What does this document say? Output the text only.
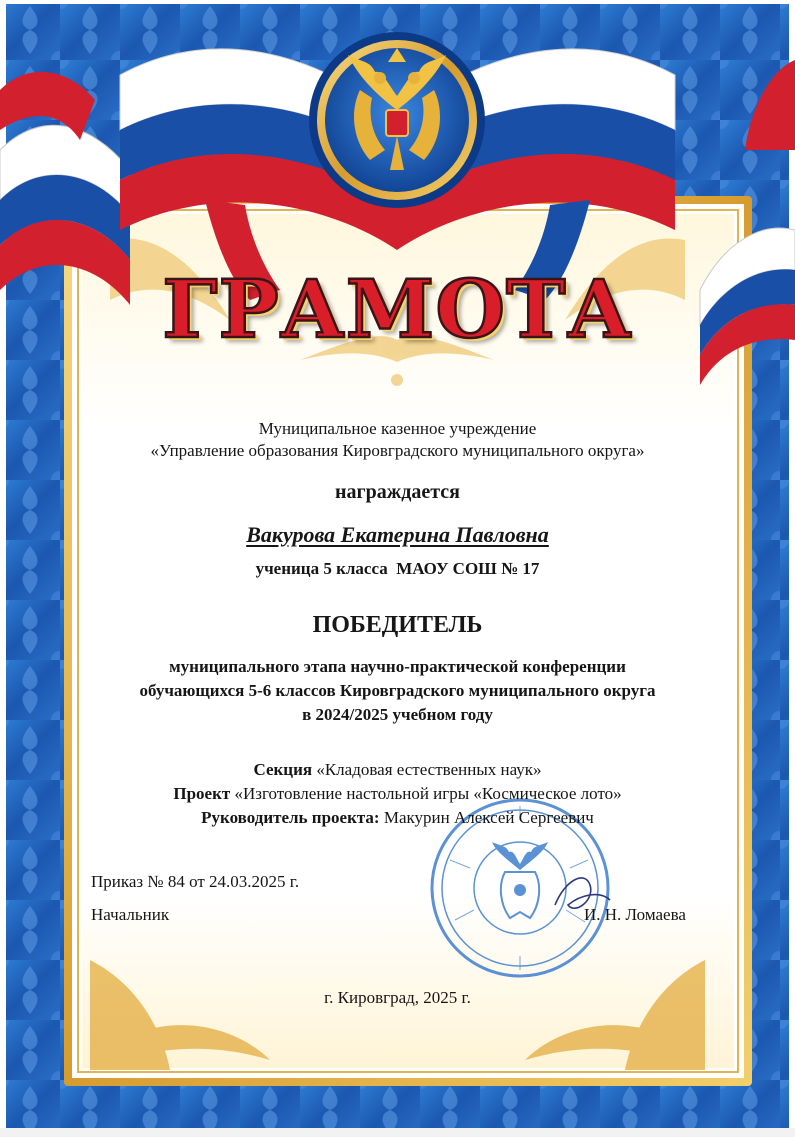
ГРАМОТА
Муниципальное казенное учреждение
«Управление образования Кировградского муниципального округа»
награждается
Вакурова Екатерина Павловна
ученица 5 класса  МАОУ СОШ № 17
ПОБЕДИТЕЛЬ
муниципального этапа научно-практической конференции
обучающихся 5-6 классов Кировградского муниципального округа
в 2024/2025 учебном году
Секция «Кладовая естественных наук»
Проект «Изготовление настольной игры «Космическое лото»
Руководитель проекта: Макурин Алексей Сергеевич
Приказ № 84 от 24.03.2025 г.
Начальник	И. Н. Ломаева
г. Кировград, 2025 г.
